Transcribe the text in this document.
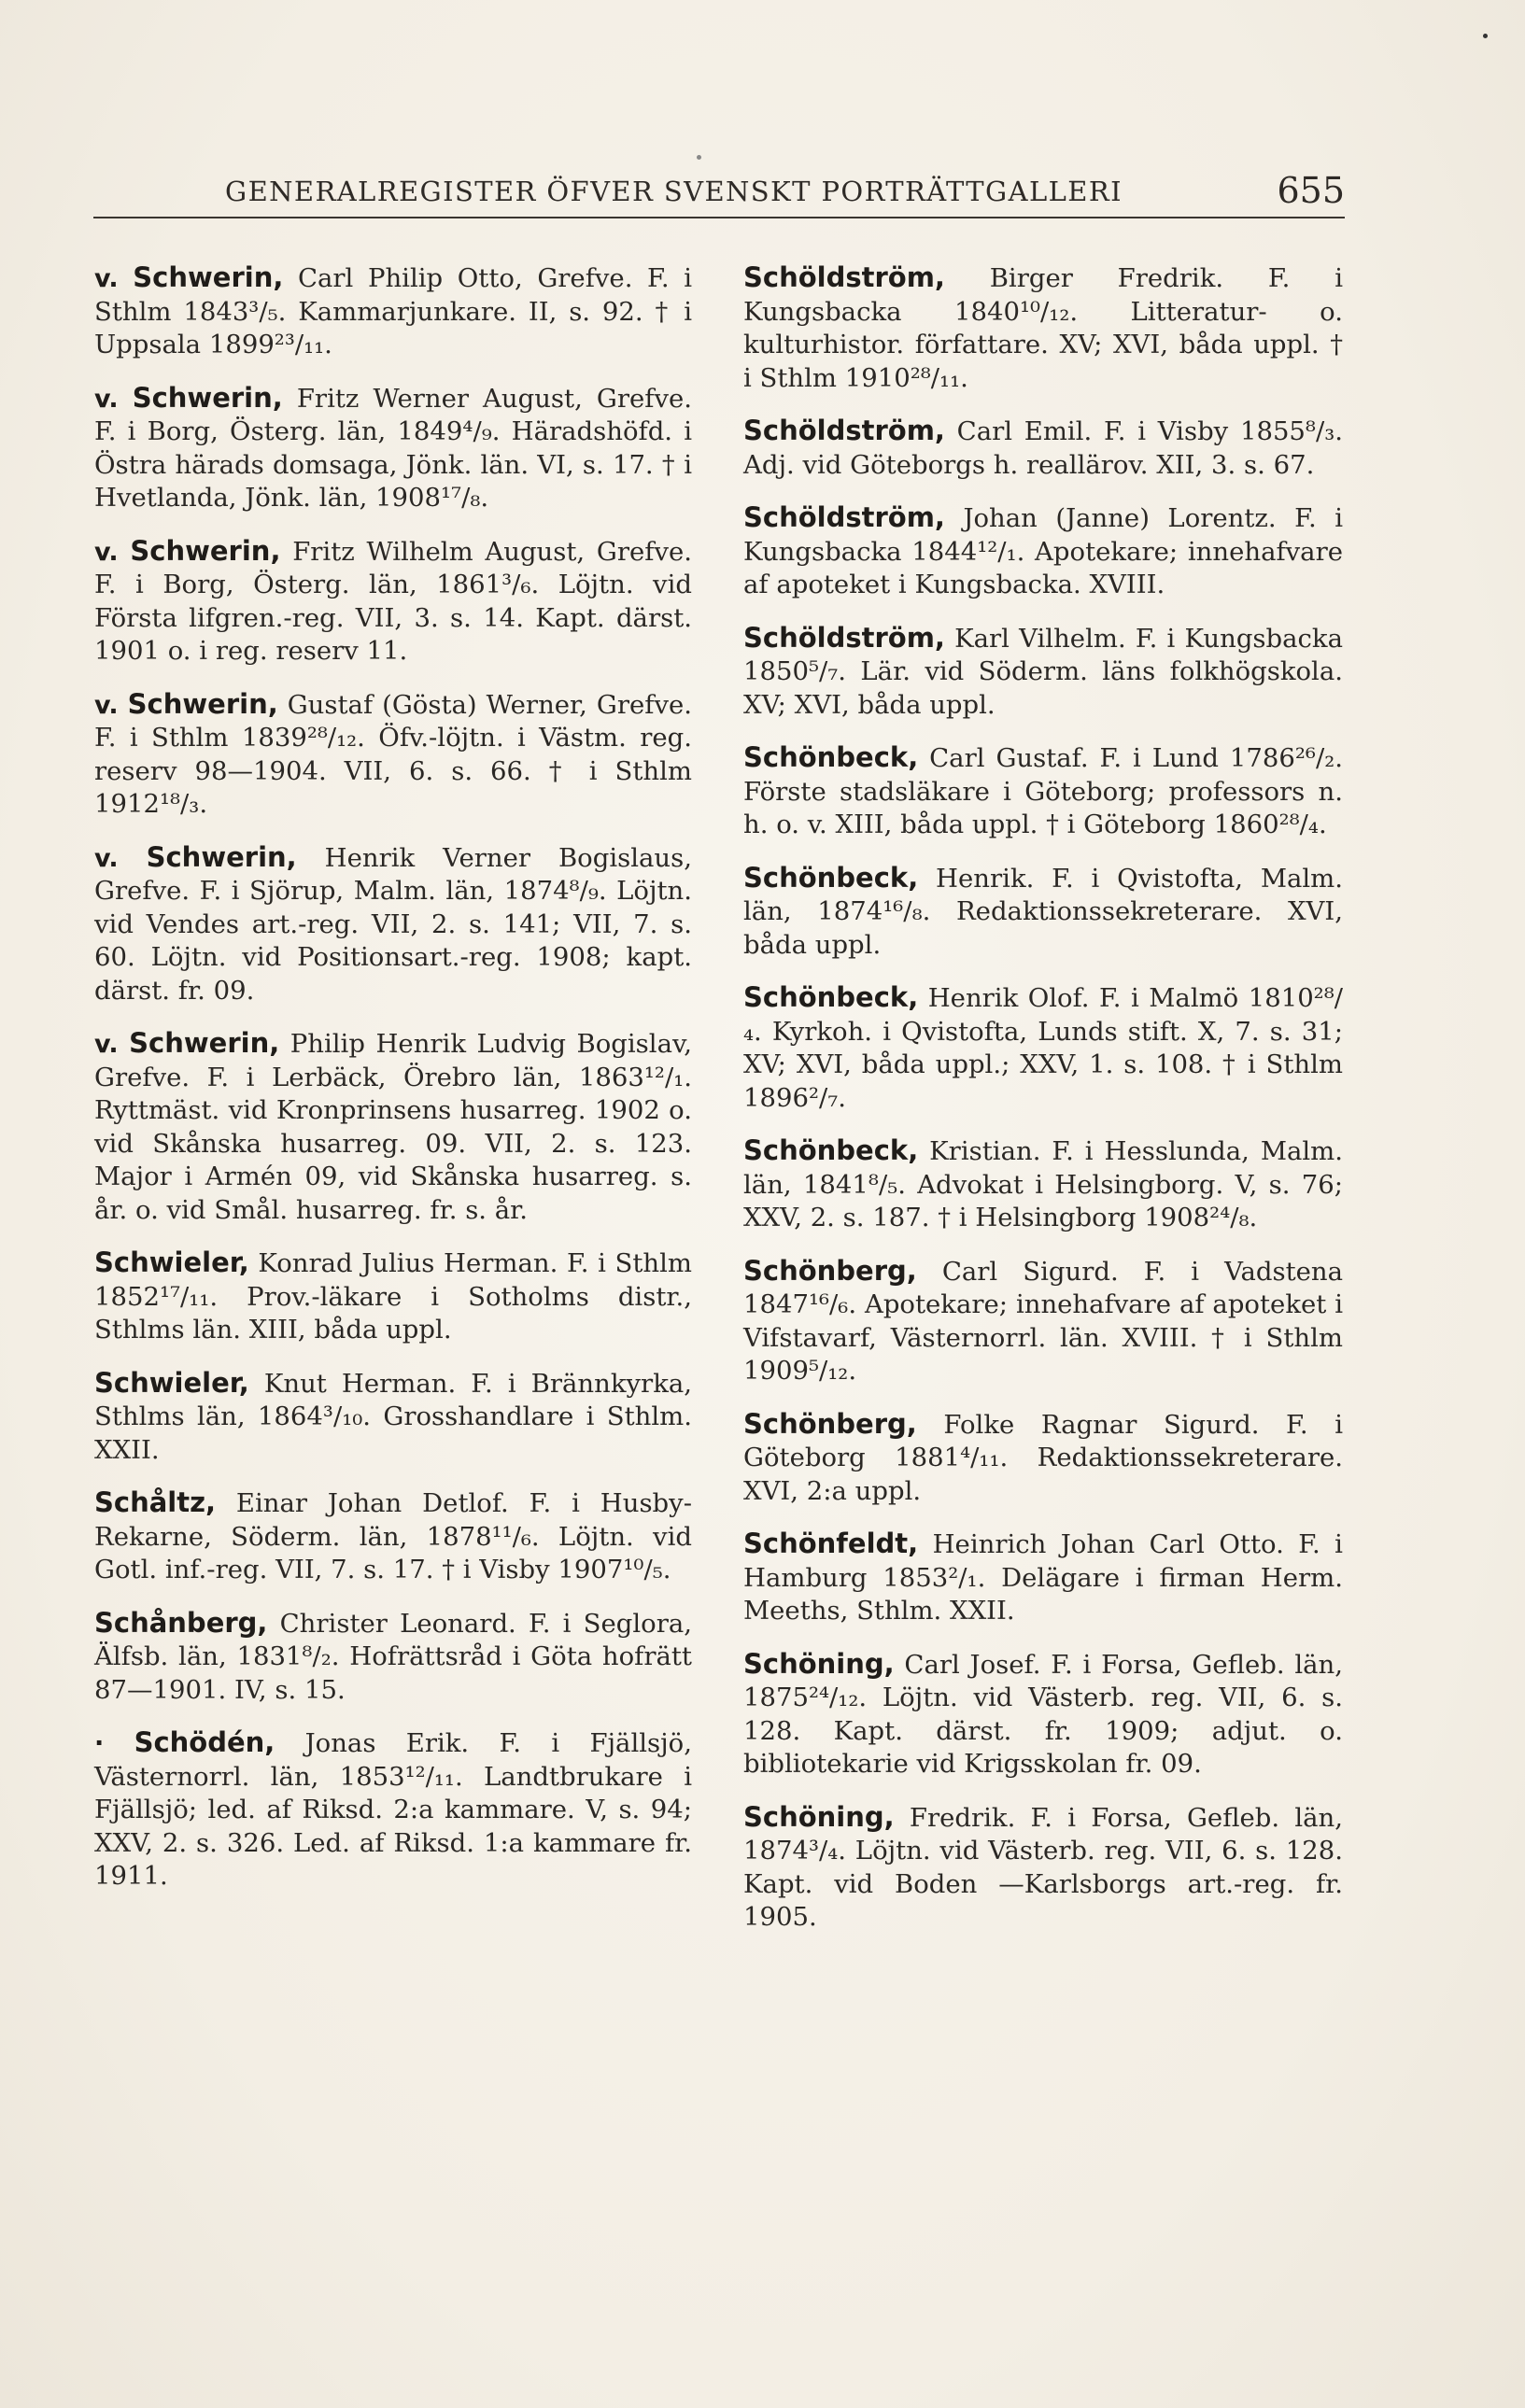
GENERALREGISTER ÖFVER SVENSKT PORTRÄTTGALLERI	655

v. Schwerin, Carl Philip Otto, Grefve. F. i Sthlm 1843³/₅. Kammarjunkare. II, s. 92. † i Uppsala 1899²³/₁₁.

v. Schwerin, Fritz Werner August, Grefve. F. i Borg, Österg. län, 1849⁴/₉. Häradshöfd. i Östra härads domsaga, Jönk. län. VI, s. 17. † i Hvetlanda, Jönk. län, 1908¹⁷/₈.

v. Schwerin, Fritz Wilhelm August, Grefve. F. i Borg, Österg. län, 1861³/₆. Löjtn. vid Första lifgren.-reg. VII, 3. s. 14. Kapt. därst. 1901 o. i reg. reserv 11.

v. Schwerin, Gustaf (Gösta) Werner, Grefve. F. i Sthlm 1839²⁸/₁₂. Öfv.-löjtn. i Västm. reg. reserv 98—1904. VII, 6. s. 66. † i Sthlm 1912¹⁸/₃.

v. Schwerin, Henrik Verner Bogislaus, Grefve. F. i Sjörup, Malm. län, 1874⁸/₉. Löjtn. vid Vendes art.-reg. VII, 2. s. 141; VII, 7. s. 60. Löjtn. vid Positionsart.-reg. 1908; kapt. därst. fr. 09.

v. Schwerin, Philip Henrik Ludvig Bogislav, Grefve. F. i Lerbäck, Örebro län, 1863¹²/₁. Ryttmäst. vid Kronprinsens husarreg. 1902 o. vid Skånska husarreg. 09. VII, 2. s. 123. Major i Armén 09, vid Skånska husarreg. s. år. o. vid Smål. husarreg. fr. s. år.

Schwieler, Konrad Julius Herman. F. i Sthlm 1852¹⁷/₁₁. Prov.-läkare i Sotholms distr., Sthlms län. XIII, båda uppl.

Schwieler, Knut Herman. F. i Brännkyrka, Sthlms län, 1864³/₁₀. Grosshandlare i Sthlm. XXII.

Schåltz, Einar Johan Detlof. F. i Husby-Rekarne, Söderm. län, 1878¹¹/₆. Löjtn. vid Gotl. inf.-reg. VII, 7. s. 17. † i Visby 1907¹⁰/₅.

Schånberg, Christer Leonard. F. i Seglora, Älfsb. län, 1831⁸/₂. Hofrättsråd i Göta hofrätt 87—1901. IV, s. 15.

· Schödén, Jonas Erik. F. i Fjällsjö, Västernorrl. län, 1853¹²/₁₁. Landtbrukare i Fjällsjö; led. af Riksd. 2:a kammare. V, s. 94; XXV, 2. s. 326. Led. af Riksd. 1:a kammare fr. 1911.

Schöldström, Birger Fredrik. F. i Kungsbacka 1840¹⁰/₁₂. Litteratur- o. kulturhistor. författare. XV; XVI, båda uppl. † i Sthlm 1910²⁸/₁₁.

Schöldström, Carl Emil. F. i Visby 1855⁸/₃. Adj. vid Göteborgs h. reallärov. XII, 3. s. 67.

Schöldström, Johan (Janne) Lorentz. F. i Kungsbacka 1844¹²/₁. Apotekare; innehafvare af apoteket i Kungsbacka. XVIII.

Schöldström, Karl Vilhelm. F. i Kungsbacka 1850⁵/₇. Lär. vid Söderm. läns folkhögskola. XV; XVI, båda uppl.

Schönbeck, Carl Gustaf. F. i Lund 1786²⁶/₂. Förste stadsläkare i Göteborg; professors n. h. o. v. XIII, båda uppl. † i Göteborg 1860²⁸/₄.

Schönbeck, Henrik. F. i Qvistofta, Malm. län, 1874¹⁶/₈. Redaktionssekreterare. XVI, båda uppl.

Schönbeck, Henrik Olof. F. i Malmö 1810²⁸/₄. Kyrkoh. i Qvistofta, Lunds stift. X, 7. s. 31; XV; XVI, båda uppl.; XXV, 1. s. 108. † i Sthlm 1896²/₇.

Schönbeck, Kristian. F. i Hesslunda, Malm. län, 1841⁸/₅. Advokat i Helsingborg. V, s. 76; XXV, 2. s. 187. † i Helsingborg 1908²⁴/₈.

Schönberg, Carl Sigurd. F. i Vadstena 1847¹⁶/₆. Apotekare; innehafvare af apoteket i Vifstavarf, Västernorrl. län. XVIII. † i Sthlm 1909⁵/₁₂.

Schönberg, Folke Ragnar Sigurd. F. i Göteborg 1881⁴/₁₁. Redaktionssekreterare. XVI, 2:a uppl.

Schönfeldt, Heinrich Johan Carl Otto. F. i Hamburg 1853²/₁. Delägare i firman Herm. Meeths, Sthlm. XXII.

Schöning, Carl Josef. F. i Forsa, Gefleb. län, 1875²⁴/₁₂. Löjtn. vid Västerb. reg. VII, 6. s. 128. Kapt. därst. fr. 1909; adjut. o. bibliotekarie vid Krigsskolan fr. 09.

Schöning, Fredrik. F. i Forsa, Gefleb. län, 1874³/₄. Löjtn. vid Västerb. reg. VII, 6. s. 128. Kapt. vid Boden —Karlsborgs art.-reg. fr. 1905.
